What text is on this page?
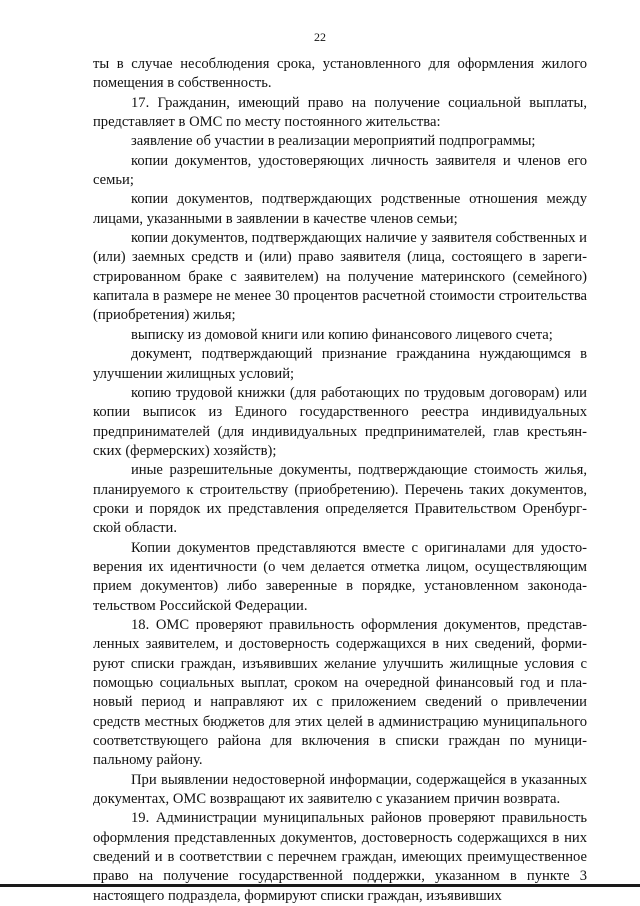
22

ты в случае несоблюдения срока, установленного для оформления жилого помещения в собственность.

17. Гражданин, имеющий право на получение социальной выплаты, представляет в ОМС по месту постоянного жительства:

заявление об участии в реализации мероприятий подпрограммы;

копии документов, удостоверяющих личность заявителя и членов его семьи;

копии документов, подтверждающих родственные отношения между лицами, указанными в заявлении в качестве членов семьи;

копии документов, подтверждающих наличие у заявителя собственных и (или) заемных средств и (или) право заявителя (лица, состоящего в зарегистрированном браке с заявителем) на получение материнского (семейного) капитала в размере не менее 30 процентов расчетной стоимости строительства (приобретения) жилья;

выписку из домовой книги или копию финансового лицевого счета;

документ, подтверждающий признание гражданина нуждающимся в улучшении жилищных условий;

копию трудовой книжки (для работающих по трудовым договорам) или копии выписок из Единого государственного реестра индивидуальных предпринимателей (для индивидуальных предпринимателей, глав крестьянских (фермерских) хозяйств);

иные разрешительные документы, подтверждающие стоимость жилья, планируемого к строительству (приобретению). Перечень таких документов, сроки и порядок их представления определяется Правительством Оренбургской области.

Копии документов представляются вместе с оригиналами для удостоверения их идентичности (о чем делается отметка лицом, осуществляющим прием документов) либо заверенные в порядке, установленном законодательством Российской Федерации.

18. ОМС проверяют правильность оформления документов, представленных заявителем, и достоверность содержащихся в них сведений, формируют списки граждан, изъявивших желание улучшить жилищные условия с помощью социальных выплат, сроком на очередной финансовый год и плановый период и направляют их с приложением сведений о привлечении средств местных бюджетов для этих целей в администрацию муниципального соответствующего района для включения в списки граждан по муниципальному району.

При выявлении недостоверной информации, содержащейся в указанных документах, ОМС возвращают их заявителю с указанием причин возврата.

19. Администрации муниципальных районов проверяют правильность оформления представленных документов, достоверность содержащихся в них сведений и в соответствии с перечнем граждан, имеющих преимущественное право на получение государственной поддержки, указанном в пункте 3 настоящего подраздела, формируют списки граждан, изъявивших
